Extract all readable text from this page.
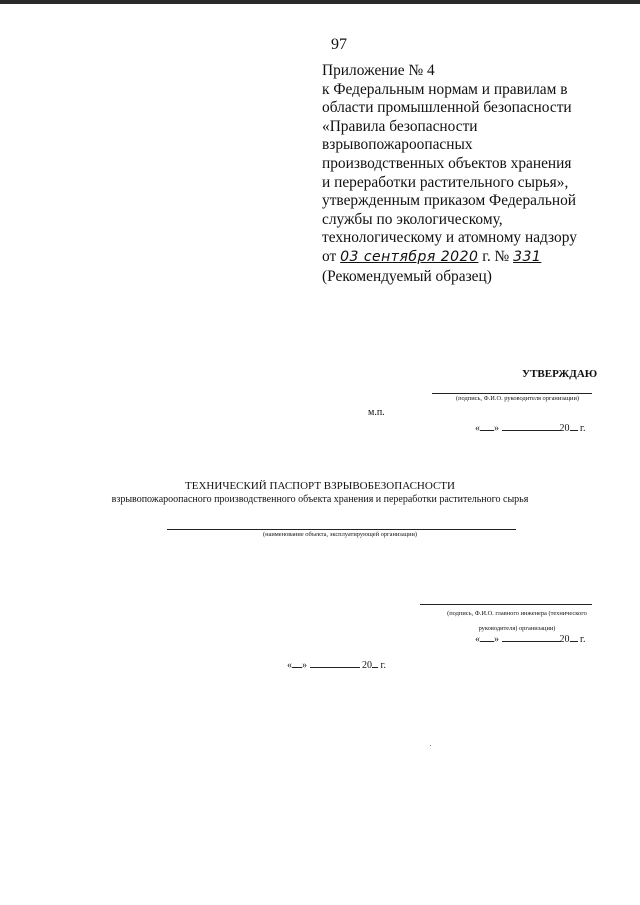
97
Приложение № 4
к Федеральным нормам и правилам в
области промышленной безопасности
«Правила безопасности
взрывопожароопасных
производственных объектов хранения
и переработки растительного сырья»,
утвержденным приказом Федеральной
службы по экологическому,
технологическому и атомному надзору
от 03 сентября 2020 г. № 331
(Рекомендуемый образец)
УТВЕРЖДАЮ
(подпись, Ф.И.О. руководителя организации)
м.п.
« »	20 г.
ТЕХНИЧЕСКИЙ ПАСПОРТ ВЗРЫВОБЕЗОПАСНОСТИ
взрывопожароопасного производственного объекта хранения и переработки растительного сырья
(наименование объекта, эксплуатирующей организации)
(подпись, Ф.И.О. главного инженера (технического
руководителя) организации)
« »	20 г.
« »	20 г.
